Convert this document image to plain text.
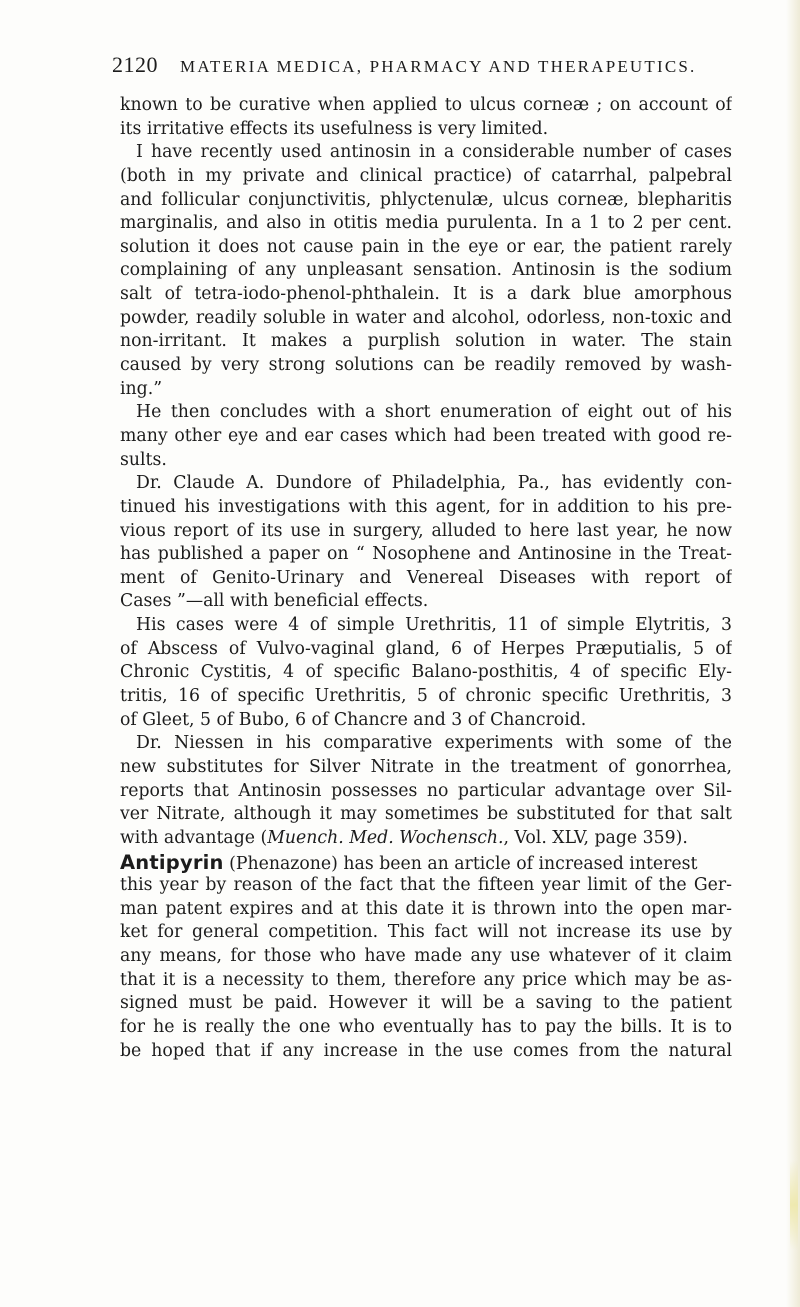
2120 MATERIA MEDICA, PHARMACY AND THERAPEUTICS.
known to be curative when applied to ulcus corneæ ; on account of
its irritative effects its usefulness is very limited.
I have recently used antinosin in a considerable number of cases
(both in my private and clinical practice) of catarrhal, palpebral
and follicular conjunctivitis, phlyctenulæ, ulcus corneæ, blepharitis
marginalis, and also in otitis media purulenta. In a 1 to 2 per cent.
solution it does not cause pain in the eye or ear, the patient rarely
complaining of any unpleasant sensation. Antinosin is the sodium
salt of tetra-iodo-phenol-phthalein. It is a dark blue amorphous
powder, readily soluble in water and alcohol, odorless, non-toxic and
non-irritant. It makes a purplish solution in water. The stain
caused by very strong solutions can be readily removed by wash-
ing.”
He then concludes with a short enumeration of eight out of his
many other eye and ear cases which had been treated with good re-
sults.
Dr. Claude A. Dundore of Philadelphia, Pa., has evidently con-
tinued his investigations with this agent, for in addition to his pre-
vious report of its use in surgery, alluded to here last year, he now
has published a paper on “ Nosophene and Antinosine in the Treat-
ment of Genito-Urinary and Venereal Diseases with report of
Cases ”—all with beneficial effects.
His cases were 4 of simple Urethritis, 11 of simple Elytritis, 3
of Abscess of Vulvo-vaginal gland, 6 of Herpes Præputialis, 5 of
Chronic Cystitis, 4 of specific Balano-posthitis, 4 of specific Ely-
tritis, 16 of specific Urethritis, 5 of chronic specific Urethritis, 3
of Gleet, 5 of Bubo, 6 of Chancre and 3 of Chancroid.
Dr. Niessen in his comparative experiments with some of the
new substitutes for Silver Nitrate in the treatment of gonorrhea,
reports that Antinosin possesses no particular advantage over Sil-
ver Nitrate, although it may sometimes be substituted for that salt
with advantage (Muench. Med. Wochensch., Vol. XLV, page 359).
Antipyrin (Phenazone) has been an article of increased interest
this year by reason of the fact that the fifteen year limit of the Ger-
man patent expires and at this date it is thrown into the open mar-
ket for general competition. This fact will not increase its use by
any means, for those who have made any use whatever of it claim
that it is a necessity to them, therefore any price which may be as-
signed must be paid. However it will be a saving to the patient
for he is really the one who eventually has to pay the bills. It is to
be hoped that if any increase in the use comes from the natural
